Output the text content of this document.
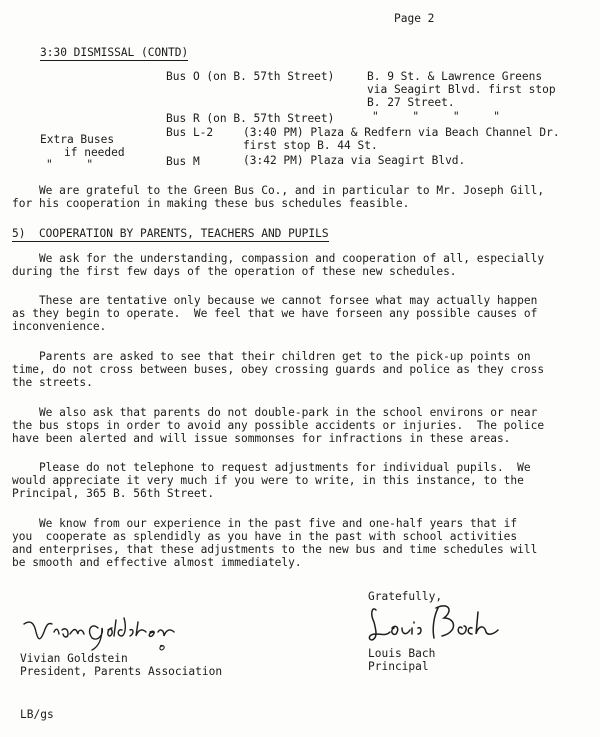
Page 2
3:30 DISMISSAL (CONTD)
Bus O (on B. 57th Street)	B. 9 St. & Lawrence Greens
via Seagirt Blvd. first stop
B. 27 Street.
Bus R (on B. 57th Street)	"     "     "     "
Extra Buses
if needed
"     "
Bus L-2	(3:40 PM) Plaza & Redfern via Beach Channel Dr.
first stop B. 44 St.
Bus M	(3:42 PM) Plaza via Seagirt Blvd.
We are grateful to the Green Bus Co., and in particular to Mr. Joseph Gill,
for his cooperation in making these bus schedules feasible.
5)  COOPERATION BY PARENTS, TEACHERS AND PUPILS
We ask for the understanding, compassion and cooperation of all, especially
during the first few days of the operation of these new schedules.
These are tentative only because we cannot forsee what may actually happen
as they begin to operate.  We feel that we have forseen any possible causes of
inconvenience.
Parents are asked to see that their children get to the pick-up points on
time, do not cross between buses, obey crossing guards and police as they cross
the streets.
We also ask that parents do not double-park in the school environs or near
the bus stops in order to avoid any possible accidents or injuries.  The police
have been alerted and will issue sommonses for infractions in these areas.
Please do not telephone to request adjustments for individual pupils.  We
would appreciate it very much if you were to write, in this instance, to the
Principal, 365 B. 56th Street.
We know from our experience in the past five and one-half years that if
you  cooperate as splendidly as you have in the past with school activities
and enterprises, that these adjustments to the new bus and time schedules will
be smooth and effective almost immediately.
Gratefully,
Vivian Goldstein
President, Parents Association
Louis Bach
Principal
LB/gs
